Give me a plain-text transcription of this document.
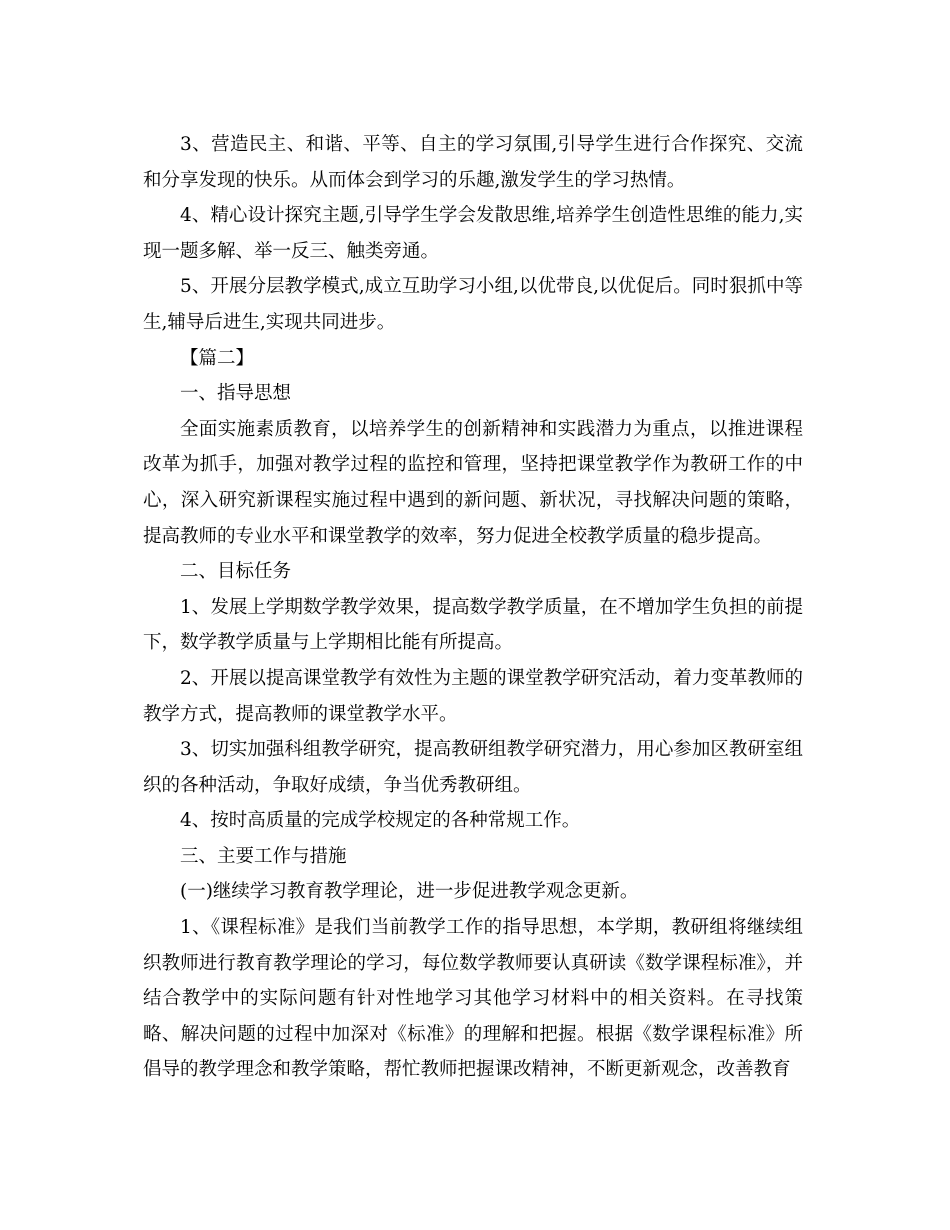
3、营造民主、和谐、平等、自主的学习氛围,引导学生进行合作探究、交流和分享发现的快乐。从而体会到学习的乐趣,激发学生的学习热情。

4、精心设计探究主题,引导学生学会发散思维,培养学生创造性思维的能力,实现一题多解、举一反三、触类旁通。

5、开展分层教学模式,成立互助学习小组,以优带良,以优促后。同时狠抓中等生,辅导后进生,实现共同进步。

【篇二】

一、指导思想

全面实施素质教育，以培养学生的创新精神和实践潜力为重点，以推进课程改革为抓手，加强对教学过程的监控和管理，坚持把课堂教学作为教研工作的中心，深入研究新课程实施过程中遇到的新问题、新状况，寻找解决问题的策略，提高教师的专业水平和课堂教学的效率，努力促进全校教学质量的稳步提高。

二、目标任务

1、发展上学期数学教学效果，提高数学教学质量，在不增加学生负担的前提下，数学教学质量与上学期相比能有所提高。

2、开展以提高课堂教学有效性为主题的课堂教学研究活动，着力变革教师的教学方式，提高教师的课堂教学水平。

3、切实加强科组教学研究，提高教研组教学研究潜力，用心参加区教研室组织的各种活动，争取好成绩，争当优秀教研组。

4、按时高质量的完成学校规定的各种常规工作。

三、主要工作与措施

(一)继续学习教育教学理论，进一步促进教学观念更新。

1、《课程标准》是我们当前教学工作的指导思想，本学期，教研组将继续组织教师进行教育教学理论的学习，每位数学教师要认真研读《数学课程标准》，并结合教学中的实际问题有针对性地学习其他学习材料中的相关资料。在寻找策略、解决问题的过程中加深对《标准》的理解和把握。根据《数学课程标准》所倡导的教学理念和教学策略，帮忙教师把握课改精神，不断更新观念，改善教育
